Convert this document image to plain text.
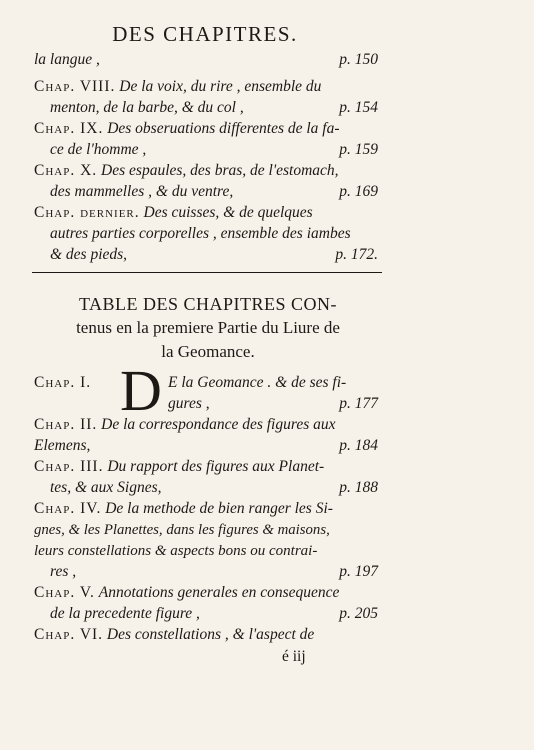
DES CHAPITRES.
la langue ,	p. 150
Chap. VIII. De la voix, du rire , ensemble du
menton, de la barbe, & du col ,	p. 154
Chap. IX. Des obseruations differentes de la fa-
ce de l'homme ,	p. 159
Chap. X. Des espaules, des bras, de l'estomach,
des mammelles , & du ventre,	p. 169
Chap. dernier. Des cuisses, & de quelques
autres parties corporelles , ensemble des iambes
& des pieds,	p. 172.
TABLE DES CHAPITRES CON-
tenus en la premiere Partie du Liure de
la Geomance.
Chap. I. D E la Geomance . & de ses fi-
gures ,	p. 177
Chap. II. De la correspondance des figures aux
Elemens,	p. 184
Chap. III. Du rapport des figures aux Planet-
tes, & aux Signes,	p. 188
Chap. IV. De la methode de bien ranger les Si-
gnes, & les Planettes, dans les figures & maisons,
leurs constellations & aspects bons ou contrai-
res ,	p. 197
Chap. V. Annotations generales en consequence
de la precedente figure ,	p. 205
Chap. VI. Des constellations , & l'aspect de
é iij
